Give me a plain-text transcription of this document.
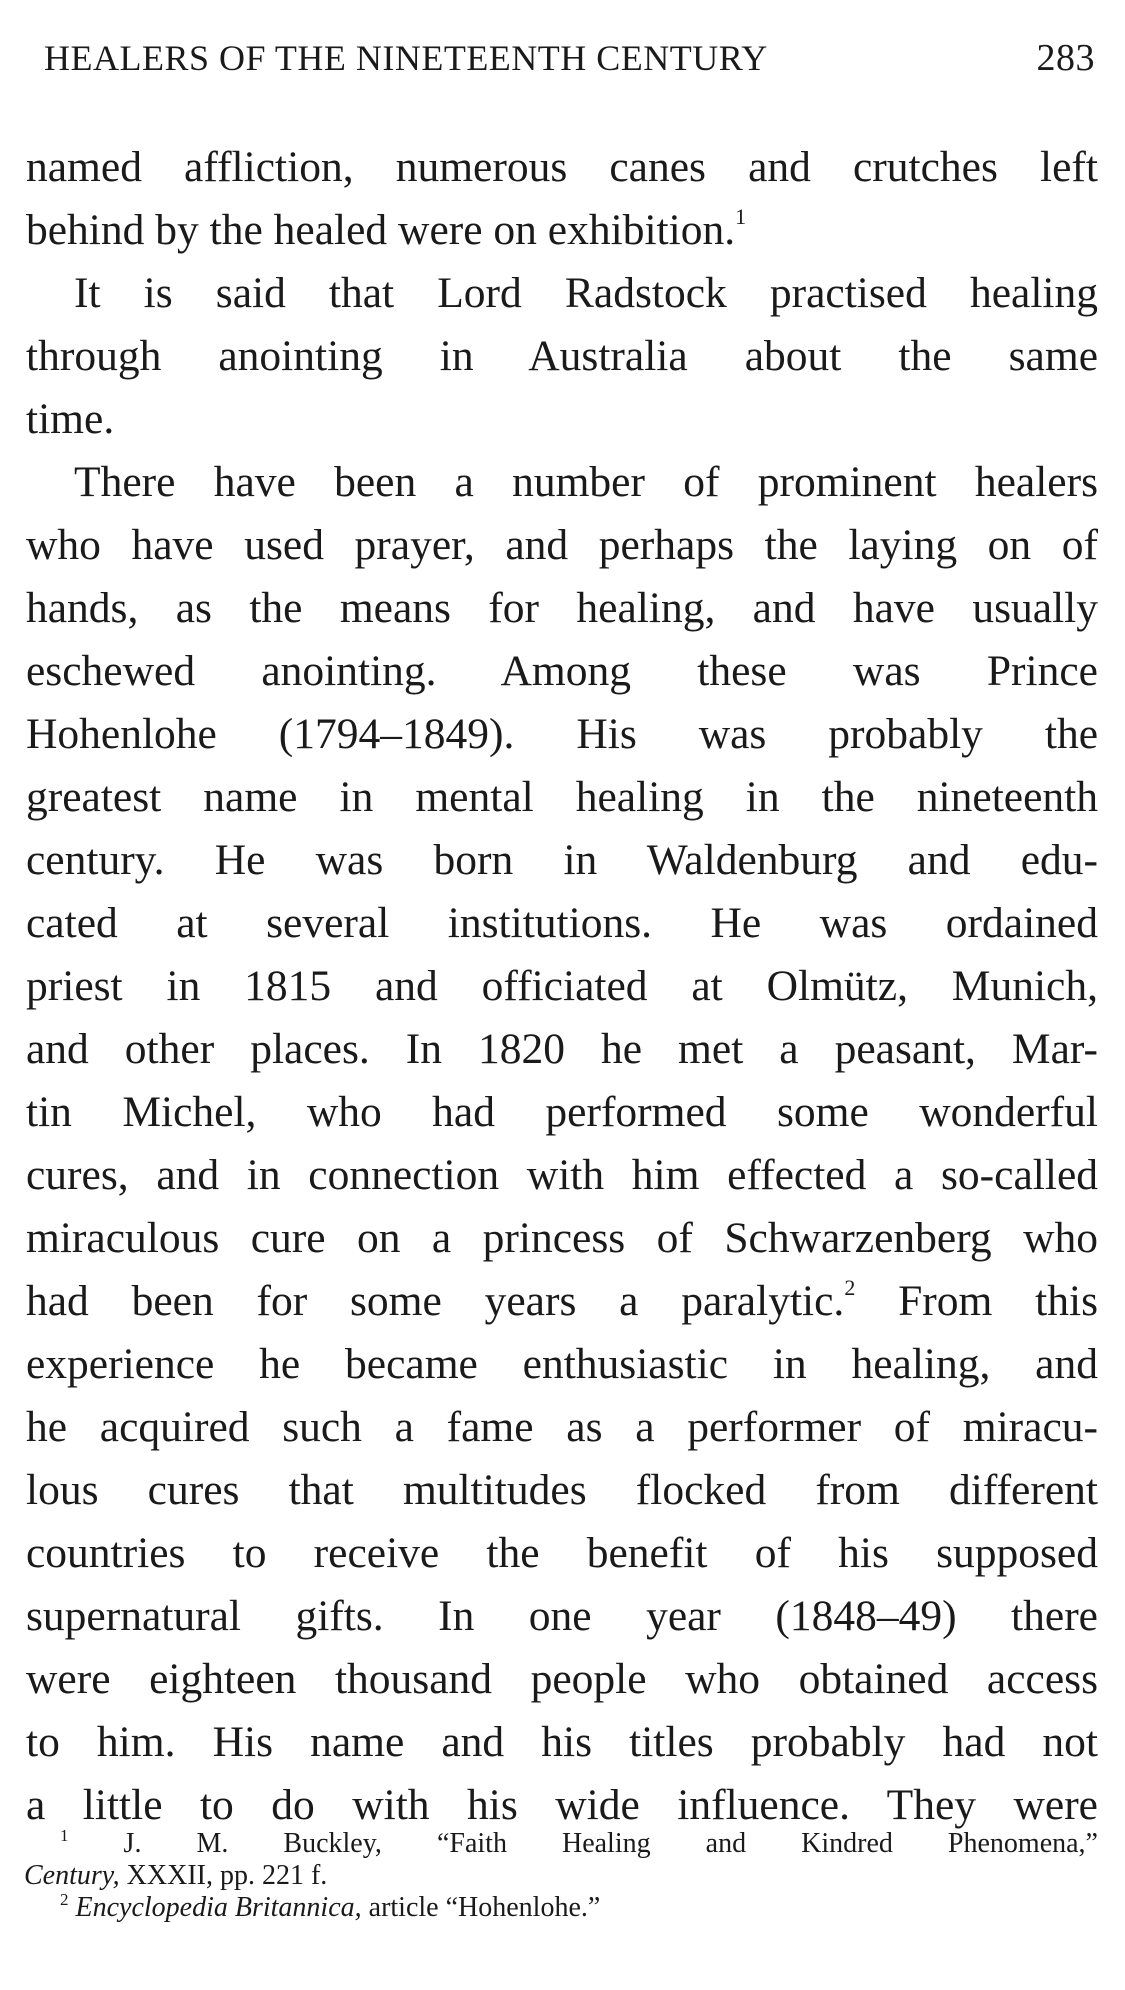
HEALERS OF THE NINETEENTH CENTURY	283
named affliction, numerous canes and crutches left
behind by the healed were on exhibition.$^1$
It is said that Lord Radstock practised healing
through anointing in Australia about the same
time.
There have been a number of prominent healers
who have used prayer, and perhaps the laying on of
hands, as the means for healing, and have usually
eschewed anointing. Among these was Prince
Hohenlohe (1794–1849). His was probably the
greatest name in mental healing in the nineteenth
century. He was born in Waldenburg and edu-
cated at several institutions. He was ordained
priest in 1815 and officiated at Olmütz, Munich,
and other places. In 1820 he met a peasant, Mar-
tin Michel, who had performed some wonderful
cures, and in connection with him effected a so-called
miraculous cure on a princess of Schwarzenberg who
had been for some years a paralytic.$^2$ From this
experience he became enthusiastic in healing, and
he acquired such a fame as a performer of miracu-
lous cures that multitudes flocked from different
countries to receive the benefit of his supposed
supernatural gifts. In one year (1848–49) there
were eighteen thousand people who obtained access
to him. His name and his titles probably had not
a little to do with his wide influence. They were
$^1$ J. M. Buckley, “Faith Healing and Kindred Phenomena,”
Century, XXXII, pp. 221 f.
$^2$ Encyclopedia Britannica, article “Hohenlohe.”
